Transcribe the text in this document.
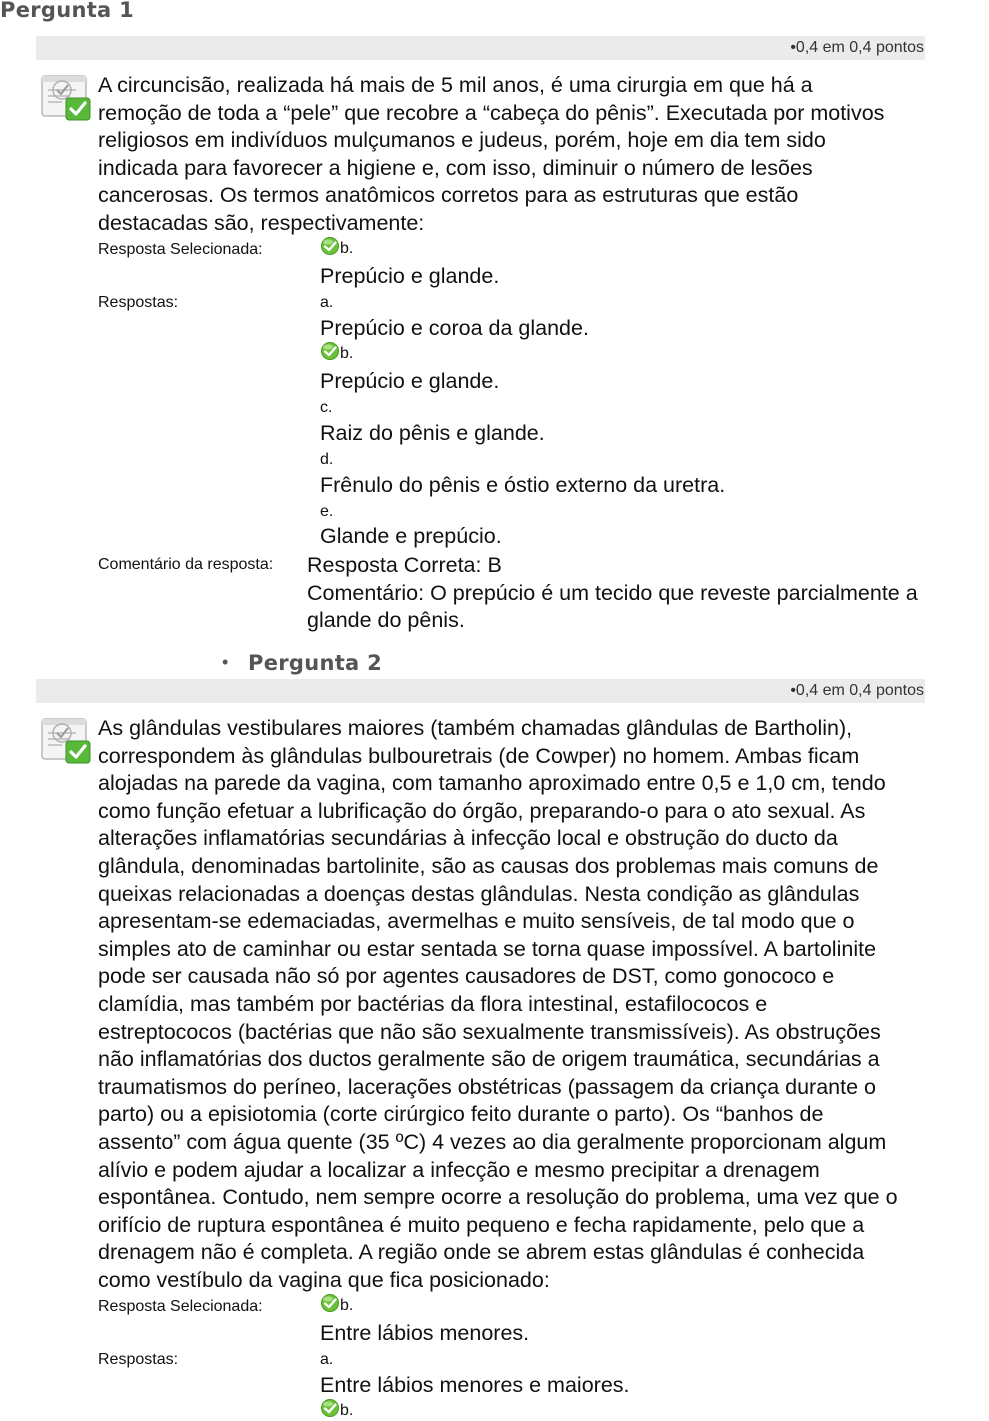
Pergunta 1
•0,4 em 0,4 pontos
A circuncisão, realizada há mais de 5 mil anos, é uma cirurgia em que há a
remoção de toda a “pele” que recobre a “cabeça do pênis”. Executada por motivos
religiosos em indivíduos mulçumanos e judeus, porém, hoje em dia tem sido
indicada para favorecer a higiene e, com isso, diminuir o número de lesões
cancerosas. Os termos anatômicos corretos para as estruturas que estão
destacadas são, respectivamente:
Resposta Selecionada:	b.
Prepúcio e glande.
Respostas:	a.
Prepúcio e coroa da glande.
b.
Prepúcio e glande.
c.
Raiz do pênis e glande.
d.
Frênulo do pênis e óstio externo da uretra.
e.
Glande e prepúcio.
Comentário da resposta: Resposta Correta: B
Comentário: O prepúcio é um tecido que reveste parcialmente a
glande do pênis.
• Pergunta 2
•0,4 em 0,4 pontos
As glândulas vestibulares maiores (também chamadas glândulas de Bartholin),
correspondem às glândulas bulbouretrais (de Cowper) no homem. Ambas ficam
alojadas na parede da vagina, com tamanho aproximado entre 0,5 e 1,0 cm, tendo
como função efetuar a lubrificação do órgão, preparando-o para o ato sexual. As
alterações inflamatórias secundárias à infecção local e obstrução do ducto da
glândula, denominadas bartolinite, são as causas dos problemas mais comuns de
queixas relacionadas a doenças destas glândulas. Nesta condição as glândulas
apresentam-se edemaciadas, avermelhas e muito sensíveis, de tal modo que o
simples ato de caminhar ou estar sentada se torna quase impossível. A bartolinite
pode ser causada não só por agentes causadores de DST, como gonococo e
clamídia, mas também por bactérias da flora intestinal, estafilococos e
estreptococos (bactérias que não são sexualmente transmissíveis). As obstruções
não inflamatórias dos ductos geralmente são de origem traumática, secundárias a
traumatismos do períneo, lacerações obstétricas (passagem da criança durante o
parto) ou a episiotomia (corte cirúrgico feito durante o parto). Os “banhos de
assento” com água quente (35 ºC) 4 vezes ao dia geralmente proporcionam algum
alívio e podem ajudar a localizar a infecção e mesmo precipitar a drenagem
espontânea. Contudo, nem sempre ocorre a resolução do problema, uma vez que o
orifício de ruptura espontânea é muito pequeno e fecha rapidamente, pelo que a
drenagem não é completa. A região onde se abrem estas glândulas é conhecida
como vestíbulo da vagina que fica posicionado:
Resposta Selecionada:	b.
Entre lábios menores.
Respostas:	a.
Entre lábios menores e maiores.
b.
